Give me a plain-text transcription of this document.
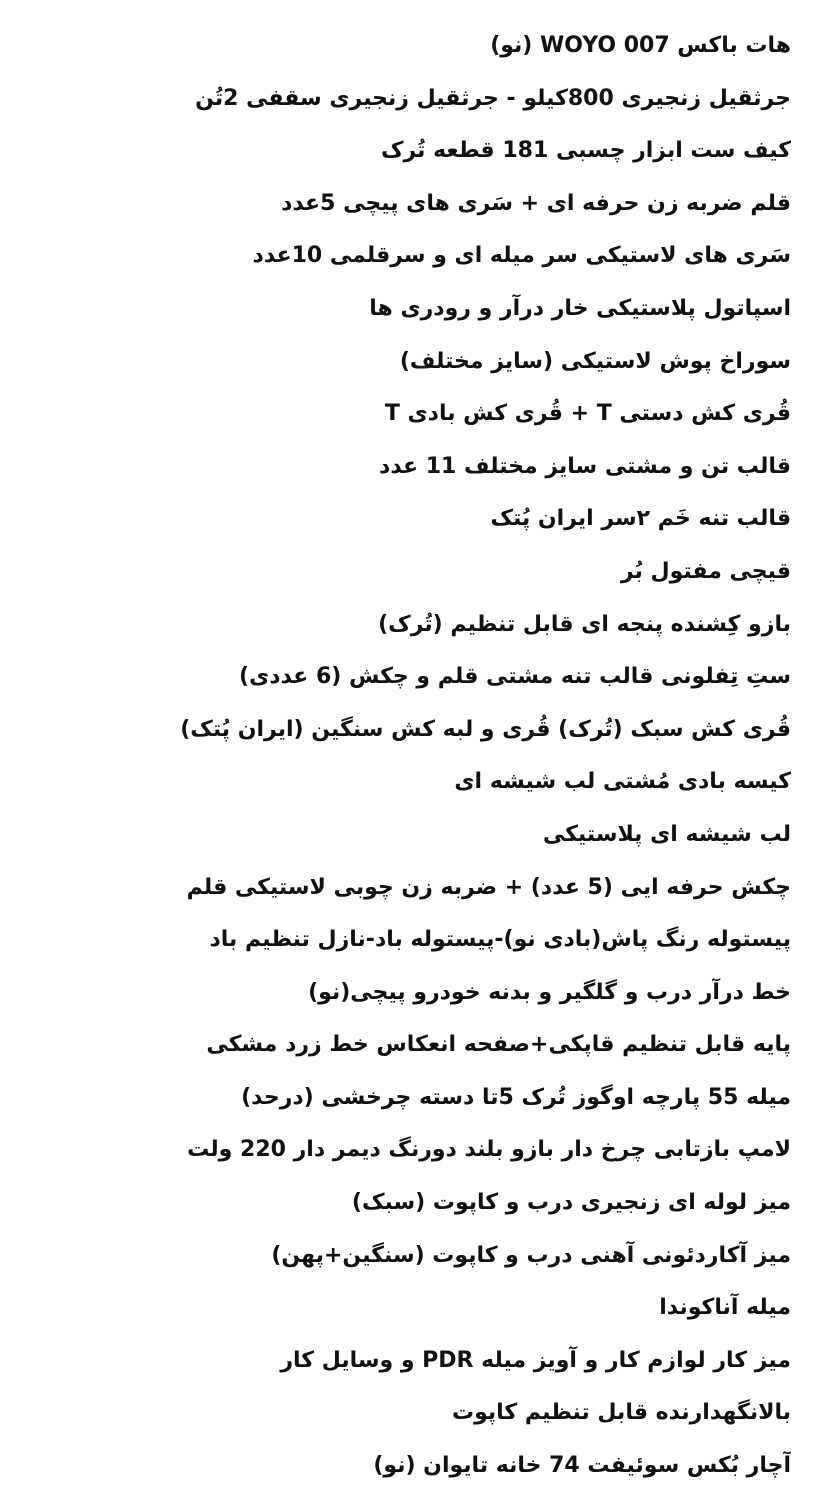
هات باکس WOYO 007 (نو)
جرثقیل زنجیری 800کیلو - جرثقیل زنجیری سقفی 2تُن
کیف ست ابزار چسبی 181 قطعه تُرک
قلم ضربه زن حرفه ای + سَری های پیچی 5عدد
سَری های لاستیکی سر میله ای و سرقلمی 10عدد
اسپاتول پلاستیکی خار درآر و رودری ها
سوراخ پوش لاستیکی (سایز مختلف)
قُری کش دستی T + قُری کش بادی T
قالب تن و مشتی سایز مختلف 11 عدد
قالب تنه خَم ۲سر ایران پُتک
قیچی مفتول بُر
بازو کِشنده پنجه ای قابل تنظیم (تُرک)
ستِ تِفلونی قالب تنه مشتی قلم و چکش (6 عددی)
قُری کش سبک (تُرک) قُری و لبه کش سنگین (ایران پُتک)
کیسه بادی مُشتی لب شیشه ای
لب شیشه ای پلاستیکی
چکش حرفه ایی (5 عدد) + ضربه زن چوبی لاستیکی قلم
پیستوله رنگ پاش(بادی نو)-پیستوله باد-نازل تنظیم باد
خط درآر درب و گلگیر و بدنه خودرو پیچی(نو)
پایه قابل تنظیم قاپکی+صفحه انعکاس خط زرد مشکی
میله 55 پارچه اوگوز تُرک 5تا دسته چرخشی (درحد)
لامپ بازتابی چرخ دار بازو بلند دورنگ دیمر دار 220 ولت
میز لوله ای زنجیری درب و کاپوت (سبک)
میز آکاردئونی آهنی درب و کاپوت (سنگین+پهن)
میله آناکوندا
میز کار لوازم کار و آویز میله PDR و وسایل کار
بالانگهدارنده قابل تنظیم کاپوت
آچار بُکس سوئیفت 74 خانه تایوان (نو)
